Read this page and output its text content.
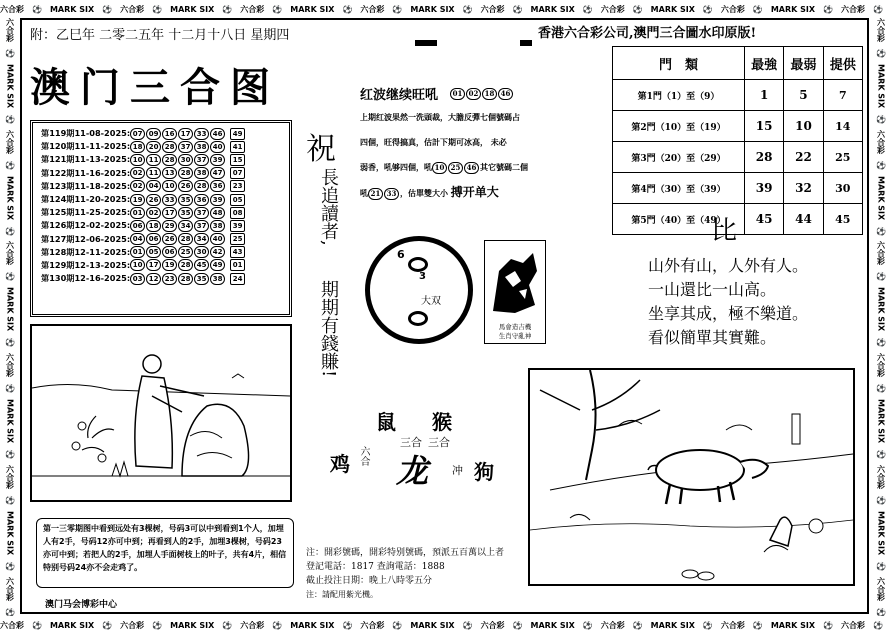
六合彩 ⚽ MARK SIX ⚽ 六合彩 ⚽ MARK SIX ⚽ 六合彩 ⚽ MARK SIX ⚽ 六合彩 ⚽ MARK SIX ⚽ 六合彩 ⚽ MARK SIX ⚽ 六合彩 ⚽ MARK SIX ⚽ 六合彩 ⚽ MARK SIX ⚽ 六合彩 ⚽
六合彩 ⚽ MARK SIX ⚽ 六合彩 ⚽ MARK SIX ⚽ 六合彩 ⚽ MARK SIX ⚽ 六合彩 ⚽ MARK SIX ⚽ 六合彩 ⚽ MARK SIX ⚽ 六合彩 ⚽ MARK SIX ⚽ 六合彩 ⚽ MARK SIX ⚽ 六合彩 ⚽
六合彩
⚽
MARK SIX
⚽
六合彩
⚽
MARK SIX
⚽
六合彩
⚽
MARK SIX
⚽
六合彩
⚽
MARK SIX
⚽
六合彩
⚽
MARK SIX
⚽
六合彩
⚽
六合彩
⚽
MARK SIX
⚽
六合彩
⚽
MARK SIX
⚽
六合彩
⚽
MARK SIX
⚽
六合彩
⚽
MARK SIX
⚽
六合彩
⚽
MARK SIX
⚽
六合彩
⚽
附：乙巳年 二零二五年 十二月十八日 星期四	香港六合彩公司,澳門三合圖水印原版!
澳门三合图
第119期11-08-2025:	07 09 16 17 33 46	49
第120期11-11-2025:	18 20 28 37 38 40	41
第121期11-13-2025:	10 11 28 30 37 39	15
第122期11-16-2025:	02 11 13 28 38 47	07
第123期11-18-2025:	02 04 10 26 28 36	23
第124期11-20-2025:	19 26 33 35 36 39	05
第125期11-25-2025:	01 02 17 35 37 48	08
第126期12-02-2025:	06 18 29 34 37 38	39
第127期12-06-2025:	04 06 26 28 34 40	25
第128期12-11-2025:	01 05 06 25 30 42	43
第129期12-13-2025:	10 17 19 28 45 49	01
第130期12-16-2025:	03 12 23 28 35 38	24
祝
長追讀者,
期期有錢賺!
红波继续旺吼	01 02 18 46
上期红波果然一洗頭裁，大膽反彈七個號碼占
四個，旺得搞真，估計下期可冰高， 未必
弱香，吼够四個，吼 10 25 46 其它號碼二個
吼 21 33 ，估單雙大小 搏开单大
6
3
大双
馬會造吉機
生肖守亂神
門　類	最強	最弱	提供
第1門（1）至（9）	1	5	7
第2門（10）至（19）	15	10	14
第3門（20）至（29）	28	22	25
第4門（30）至（39）	39	32	30
第5門（40）至（49）	45	44	45
比
山外有山，人外有人。
一山還比一山高。
坐享其成，極不樂道。
看似簡單其實難。
第一三零期图中看到远处有3棵树，号码3可以中到看到1个人，加埋人有2手，号码12亦可中到；再看到人的2手，加埋3棵树，号码23亦可中到；若把人的2手，加埋人手面树枝上的叶子，共有4片，相信特别号码24亦不会走鸡了。
澳门马会博彩中心
鼠 猴
三合 三合
鸡 六合 龙 冲 狗
注：開彩號碼，開彩特别號碼，預派五百萬以上者
登記電話：1817 查詢電話：1888
截止投注日期：晚上八時零五分
注：請配用紫光機。
